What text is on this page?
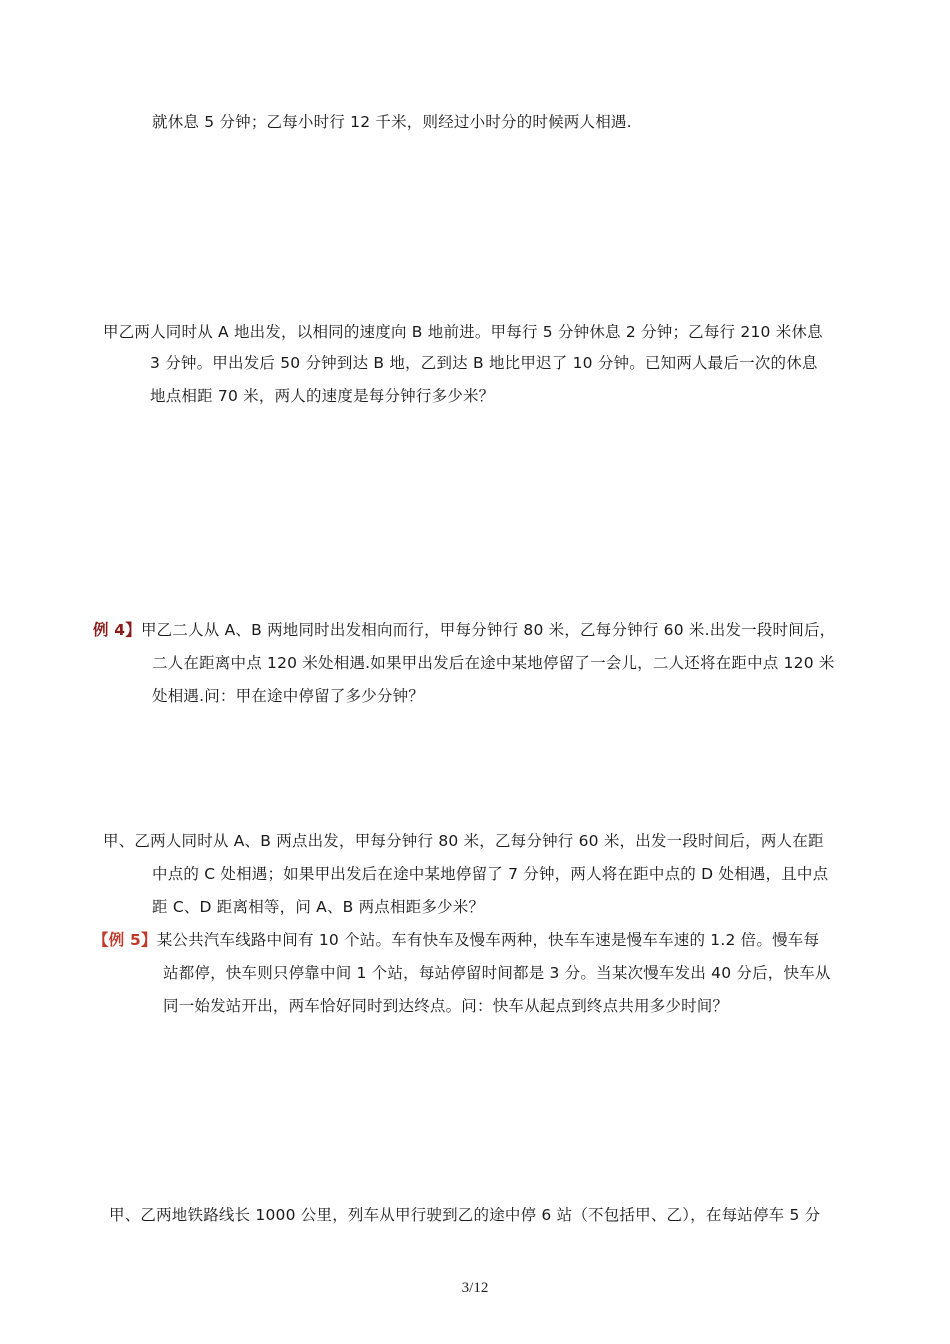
就休息 5 分钟；乙每小时行 12 千米，则经过小时分的时候两人相遇.
甲乙两人同时从 A 地出发，以相同的速度向 B 地前进。甲每行 5 分钟休息 2 分钟；乙每行 210 米休息
3 分钟。甲出发后 50 分钟到达 B 地，乙到达 B 地比甲迟了 10 分钟。已知两人最后一次的休息
地点相距 70 米，两人的速度是每分钟行多少米？
例 4】甲乙二人从 A、B 两地同时出发相向而行，甲每分钟行 80 米，乙每分钟行 60 米.出发一段时间后，
二人在距离中点 120 米处相遇.如果甲出发后在途中某地停留了一会儿，二人还将在距中点 120 米
处相遇.问：甲在途中停留了多少分钟？
甲、乙两人同时从 A、B 两点出发，甲每分钟行 80 米，乙每分钟行 60 米，出发一段时间后，两人在距
中点的 C 处相遇；如果甲出发后在途中某地停留了 7 分钟，两人将在距中点的 D 处相遇，且中点
距 C、D 距离相等，问 A、B 两点相距多少米？
【例 5】某公共汽车线路中间有 10 个站。车有快车及慢车两种，快车车速是慢车车速的 1.2 倍。慢车每
站都停，快车则只停靠中间 1 个站，每站停留时间都是 3 分。当某次慢车发出 40 分后，快车从
同一始发站开出，两车恰好同时到达终点。问：快车从起点到终点共用多少时间？
甲、乙两地铁路线长 1000 公里，列车从甲行驶到乙的途中停 6 站（不包括甲、乙），在每站停车 5 分
3/12
